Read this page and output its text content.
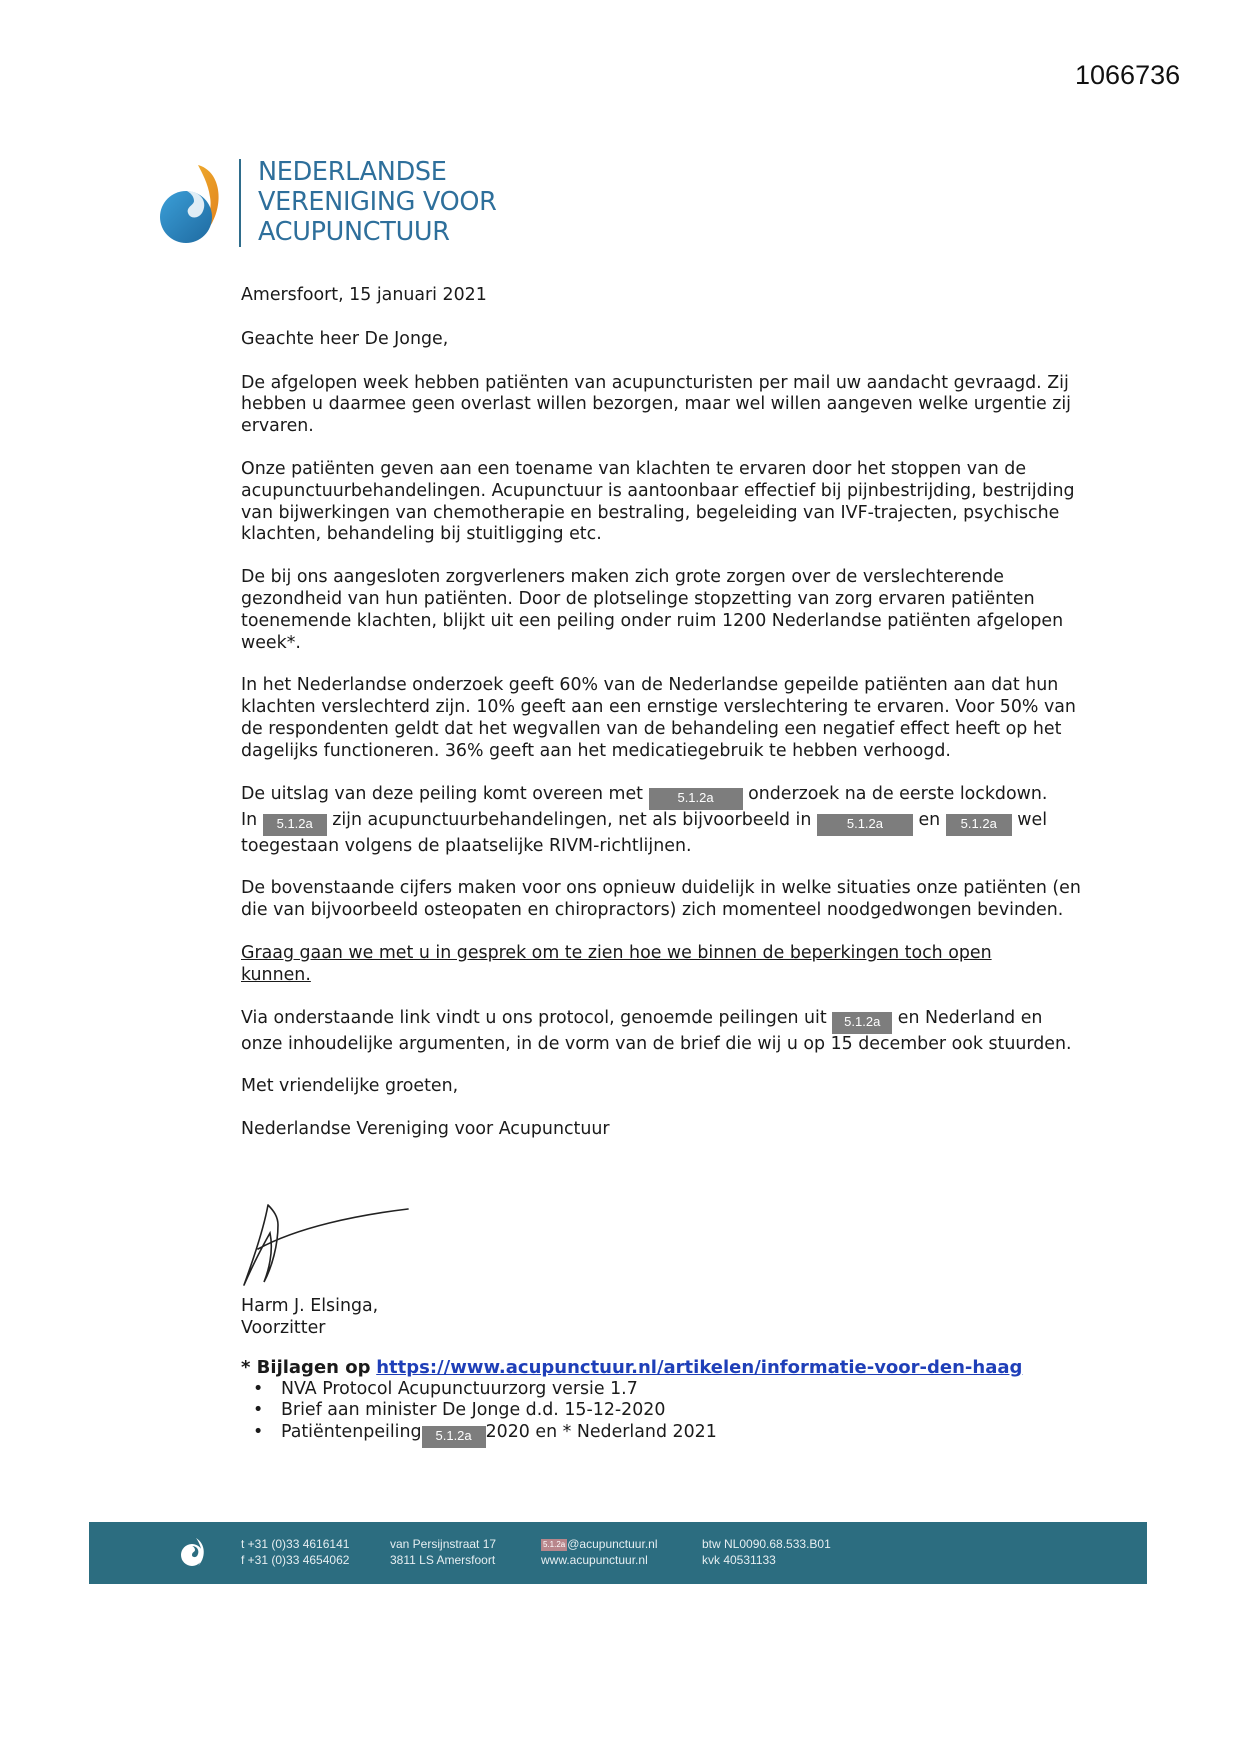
1066736
NEDERLANDSE
VERENIGING VOOR
ACUPUNCTUUR

Amersfoort, 15 januari 2021

Geachte heer De Jonge,

De afgelopen week hebben patiënten van acupuncturisten per mail uw aandacht gevraagd. Zij hebben u daarmee geen overlast willen bezorgen, maar wel willen aangeven welke urgentie zij ervaren.

Onze patiënten geven aan een toename van klachten te ervaren door het stoppen van de acupunctuurbehandelingen. Acupunctuur is aantoonbaar effectief bij pijnbestrijding, bestrijding van bijwerkingen van chemotherapie en bestraling, begeleiding van IVF-trajecten, psychische klachten, behandeling bij stuitligging etc.

De bij ons aangesloten zorgverleners maken zich grote zorgen over de verslechterende gezondheid van hun patiënten. Door de plotselinge stopzetting van zorg ervaren patiënten toenemende klachten, blijkt uit een peiling onder ruim 1200 Nederlandse patiënten afgelopen week*.

In het Nederlandse onderzoek geeft 60% van de Nederlandse gepeilde patiënten aan dat hun klachten verslechterd zijn. 10% geeft aan een ernstige verslechtering te ervaren. Voor 50% van de respondenten geldt dat het wegvallen van de behandeling een negatief effect heeft op het dagelijks functioneren. 36% geeft aan het medicatiegebruik te hebben verhoogd.

De uitslag van deze peiling komt overeen met	5.1.2a onderzoek na de eerste lockdown.
In 5.1.2a zijn acupunctuurbehandelingen, net als bijvoorbeeld in	5.1.2a en 5.1.2a wel
toegestaan volgens de plaatselijke RIVM-richtlijnen.

De bovenstaande cijfers maken voor ons opnieuw duidelijk in welke situaties onze patiënten (en die van bijvoorbeeld osteopaten en chiropractors) zich momenteel noodgedwongen bevinden.

Graag gaan we met u in gesprek om te zien hoe we binnen de beperkingen toch open kunnen.

Via onderstaande link vindt u ons protocol, genoemde peilingen uit 5.1.2a en Nederland en onze inhoudelijke argumenten, in de vorm van de brief die wij u op 15 december ook stuurden.

Met vriendelijke groeten,

Nederlandse Vereniging voor Acupunctuur

Harm J. Elsinga,

Voorzitter

* Bijlagen op https://www.acupunctuur.nl/artikelen/informatie-voor-den-haag
• NVA Protocol Acupunctuurzorg versie 1.7
• Brief aan minister De Jonge d.d. 15-12-2020
• Patiëntenpeiling 5.1.2a 2020 en * Nederland 2021
t +31 (0)33 4616141
f +31 (0)33 4654062
van Persijnstraat 17
3811 LS Amersfoort
5.1.2a @acupunctuur.nl
www.acupunctuur.nl
btw NL0090.68.533.B01
kvk 40531133
